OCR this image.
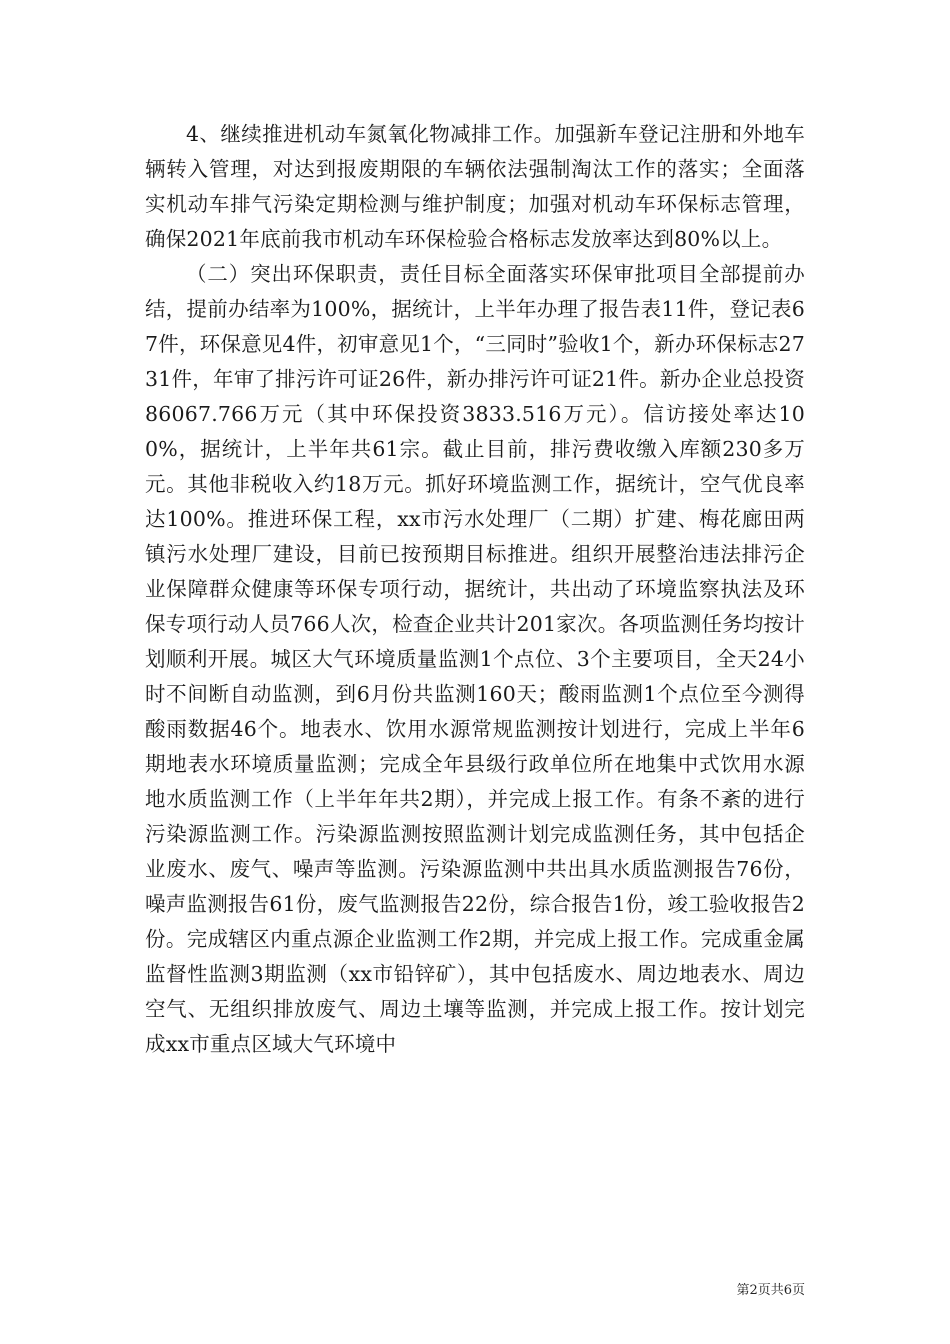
4、继续推进机动车氮氧化物减排工作。加强新车登记注册和外地车辆转入管理，对达到报废期限的车辆依法强制淘汰工作的落实；全面落实机动车排气污染定期检测与维护制度；加强对机动车环保标志管理，确保2021年底前我市机动车环保检验合格标志发放率达到80%以上。

（二）突出环保职责，责任目标全面落实环保审批项目全部提前办结，提前办结率为100%，据统计，上半年办理了报告表11件，登记表67件，环保意见4件，初审意见1个，“三同时”验收1个，新办环保标志2731件，年审了排污许可证26件，新办排污许可证21件。新办企业总投资86067.766万元（其中环保投资3833.516万元）。信访接处率达100%，据统计，上半年共61宗。截止目前，排污费收缴入库额230多万元。其他非税收入约18万元。抓好环境监测工作，据统计，空气优良率达100%。推进环保工程，xx市污水处理厂（二期）扩建、梅花廊田两镇污水处理厂建设，目前已按预期目标推进。组织开展整治违法排污企业保障群众健康等环保专项行动，据统计，共出动了环境监察执法及环保专项行动人员766人次，检查企业共计201家次。各项监测任务均按计划顺利开展。城区大气环境质量监测1个点位、3个主要项目，全天24小时不间断自动监测，到6月份共监测160天；酸雨监测1个点位至今测得酸雨数据46个。地表水、饮用水源常规监测按计划进行，完成上半年6期地表水环境质量监测；完成全年县级行政单位所在地集中式饮用水源地水质监测工作（上半年年共2期），并完成上报工作。有条不紊的进行污染源监测工作。污染源监测按照监测计划完成监测任务，其中包括企业废水、废气、噪声等监测。污染源监测中共出具水质监测报告76份，噪声监测报告61份，废气监测报告22份，综合报告1份，竣工验收报告2份。完成辖区内重点源企业监测工作2期，并完成上报工作。完成重金属监督性监测3期监测（xx市铅锌矿），其中包括废水、周边地表水、周边空气、无组织排放废气、周边土壤等监测，并完成上报工作。按计划完成xx市重点区域大气环境中

第2页共6页
